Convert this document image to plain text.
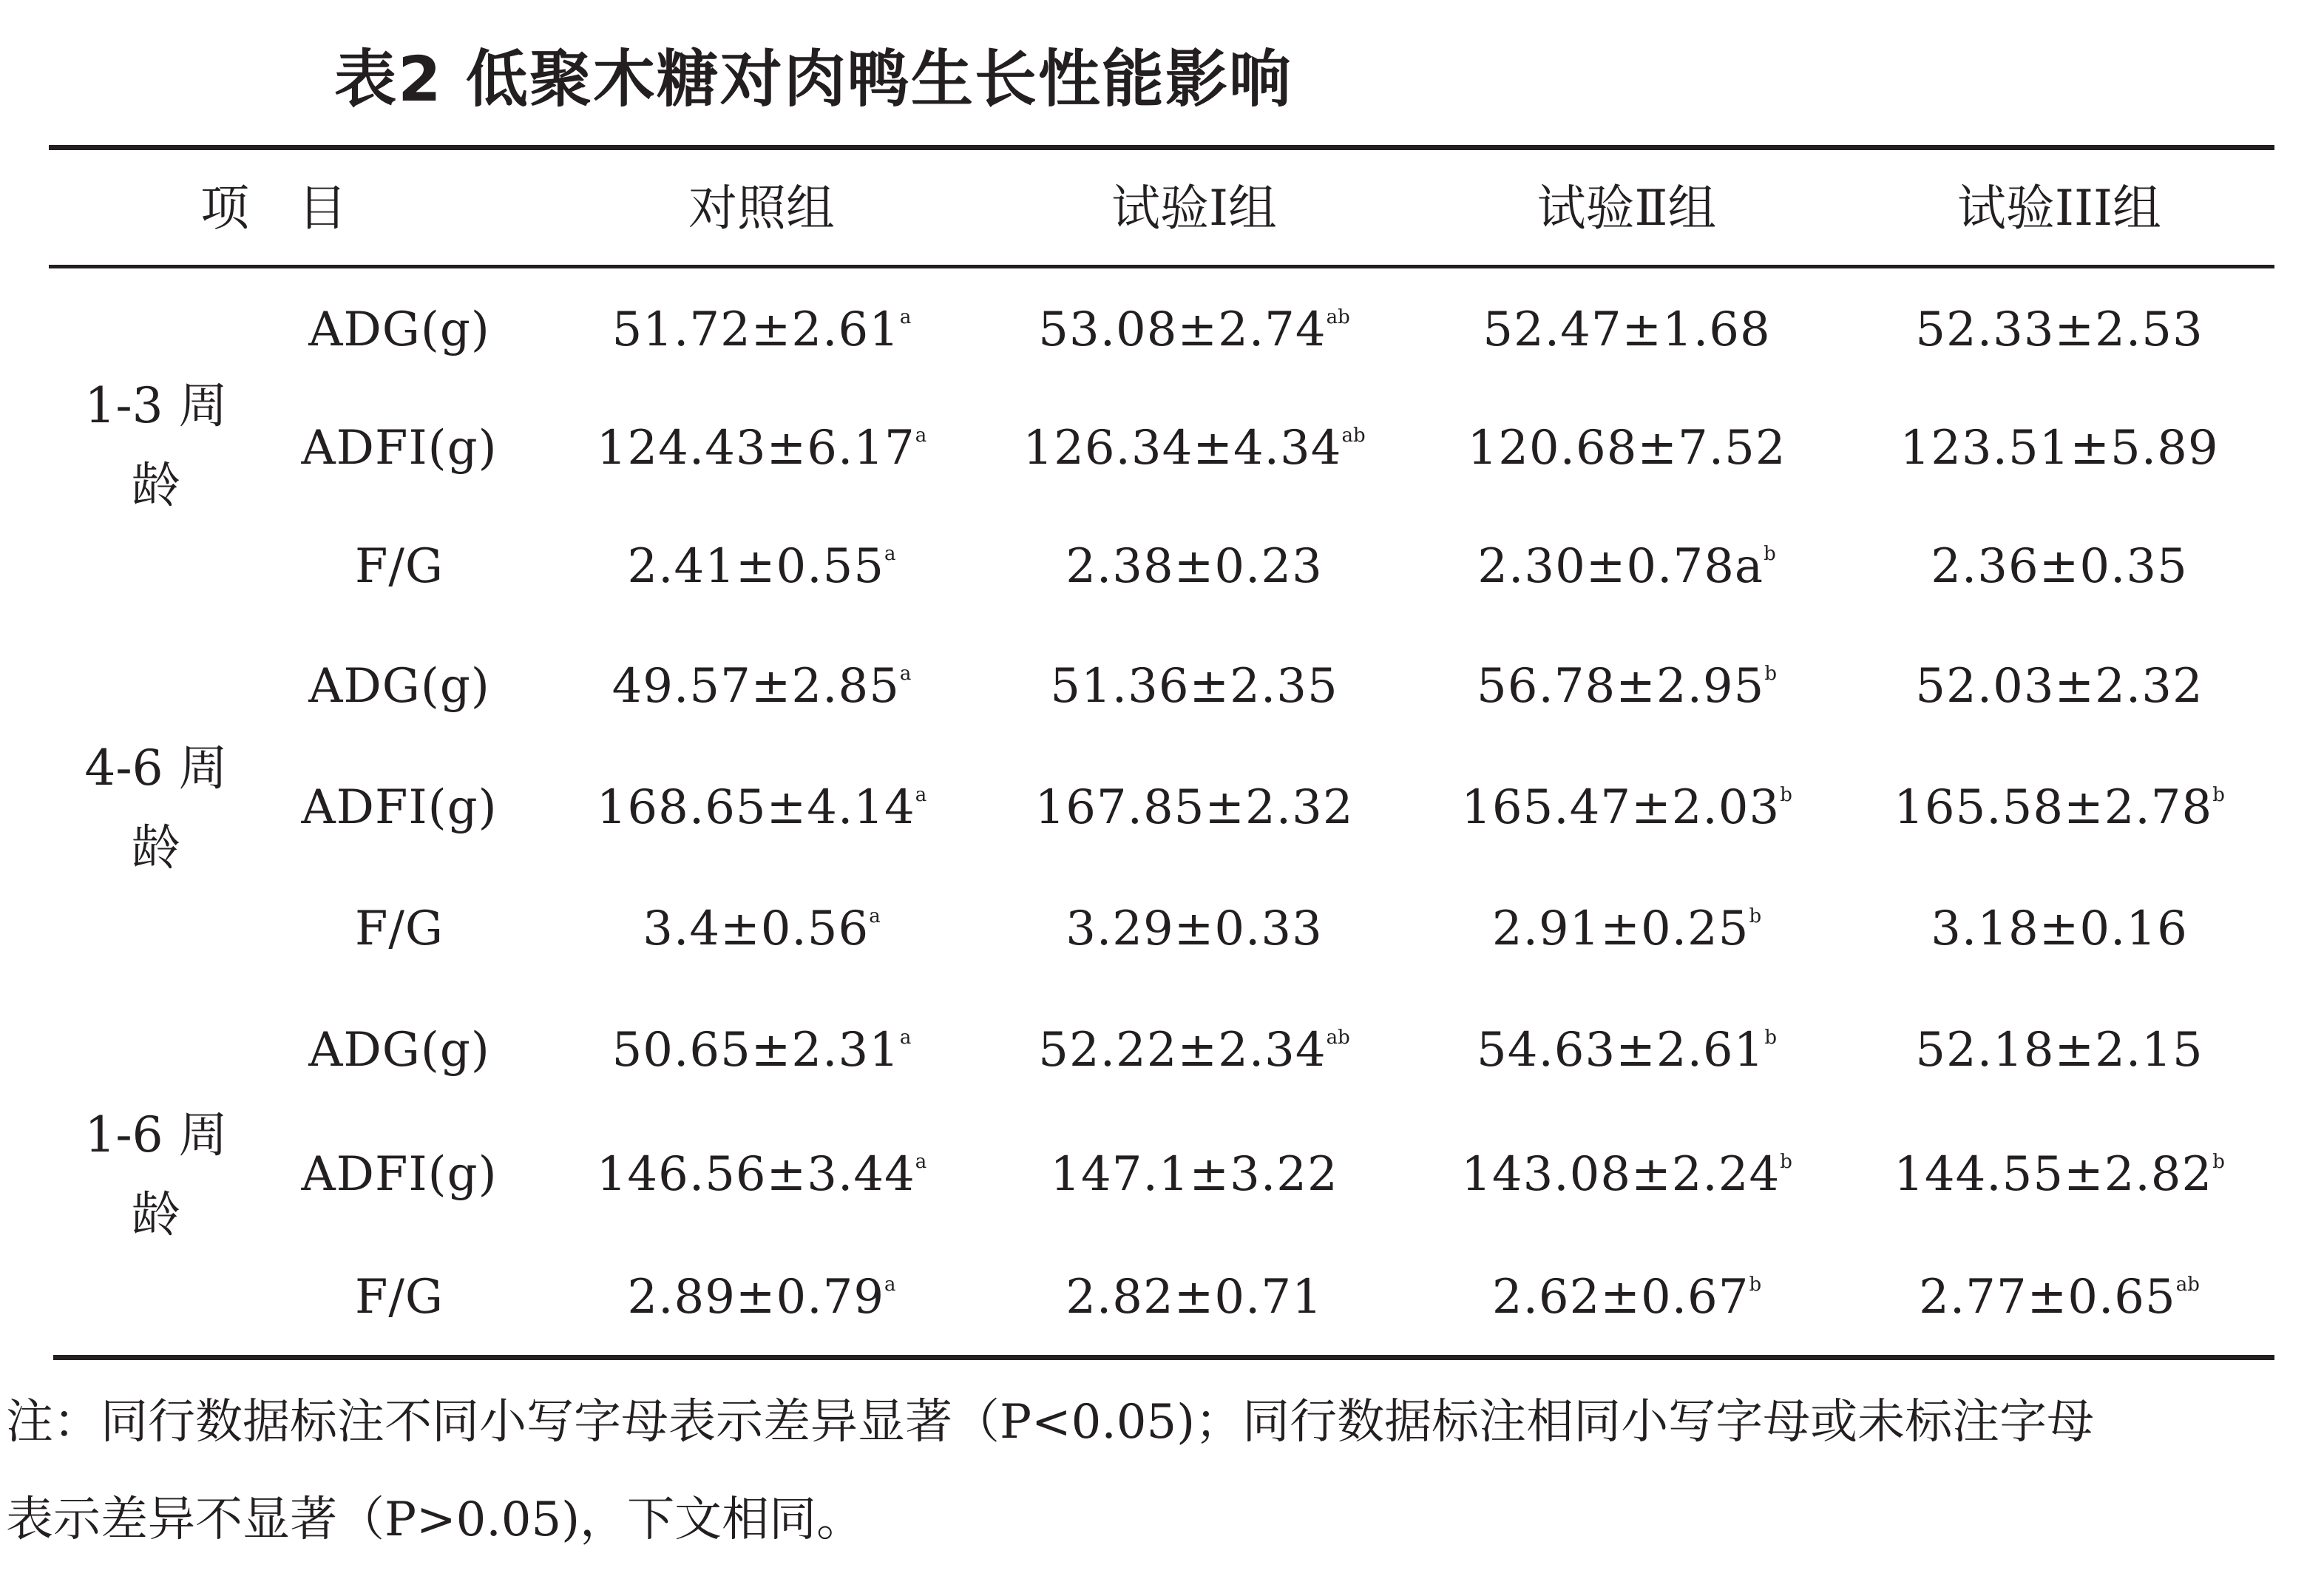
表2 低聚木糖对肉鸭生长性能影响
项　目	对照组	试验Ⅰ组	试验Ⅱ组	试验III组
1-3 周
龄
ADG(g)	51.72±2.61$^a$	53.08±2.74$^{ab}$	52.47±1.68	52.33±2.53
ADFI(g)	124.43±6.17$^a$	126.34±4.34$^{ab}$	120.68±7.52	123.51±5.89
F/G	2.41±0.55$^a$	2.38±0.23	$2.30\pm 0.78a^b$	2.36±0.35
4-6 周
龄
ADG(g)	49.57±2.85$^a$	51.36±2.35	56.78±2.95$^b$	52.03±2.32
ADFI(g)	168.65±4.14$^a$	167.85±2.32	165.47±2.03$^b$	165.58±2.78$^b$
F/G	3.4±0.56$^a$	3.29±0.33	2.91±0.25$^b$	3.18±0.16
1-6 周
龄
ADG(g)	50.65±2.31$^a$	52.22±2.34$^{ab}$	54.63±2.61$^b$	52.18±2.15
ADFI(g)	146.56±3.44$^a$	147.1±3.22	143.08±2.24$^b$	144.55±2.82$^b$
F/G	2.89±0.79$^a$	2.82±0.71	2.62±0.67$^b$	2.77±0.65$^{ab}$
注：同行数据标注不同小写字母表示差异显著（P<0.05)；同行数据标注相同小写字母或未标注字母
表示差异不显著（P>0.05)，下文相同。
